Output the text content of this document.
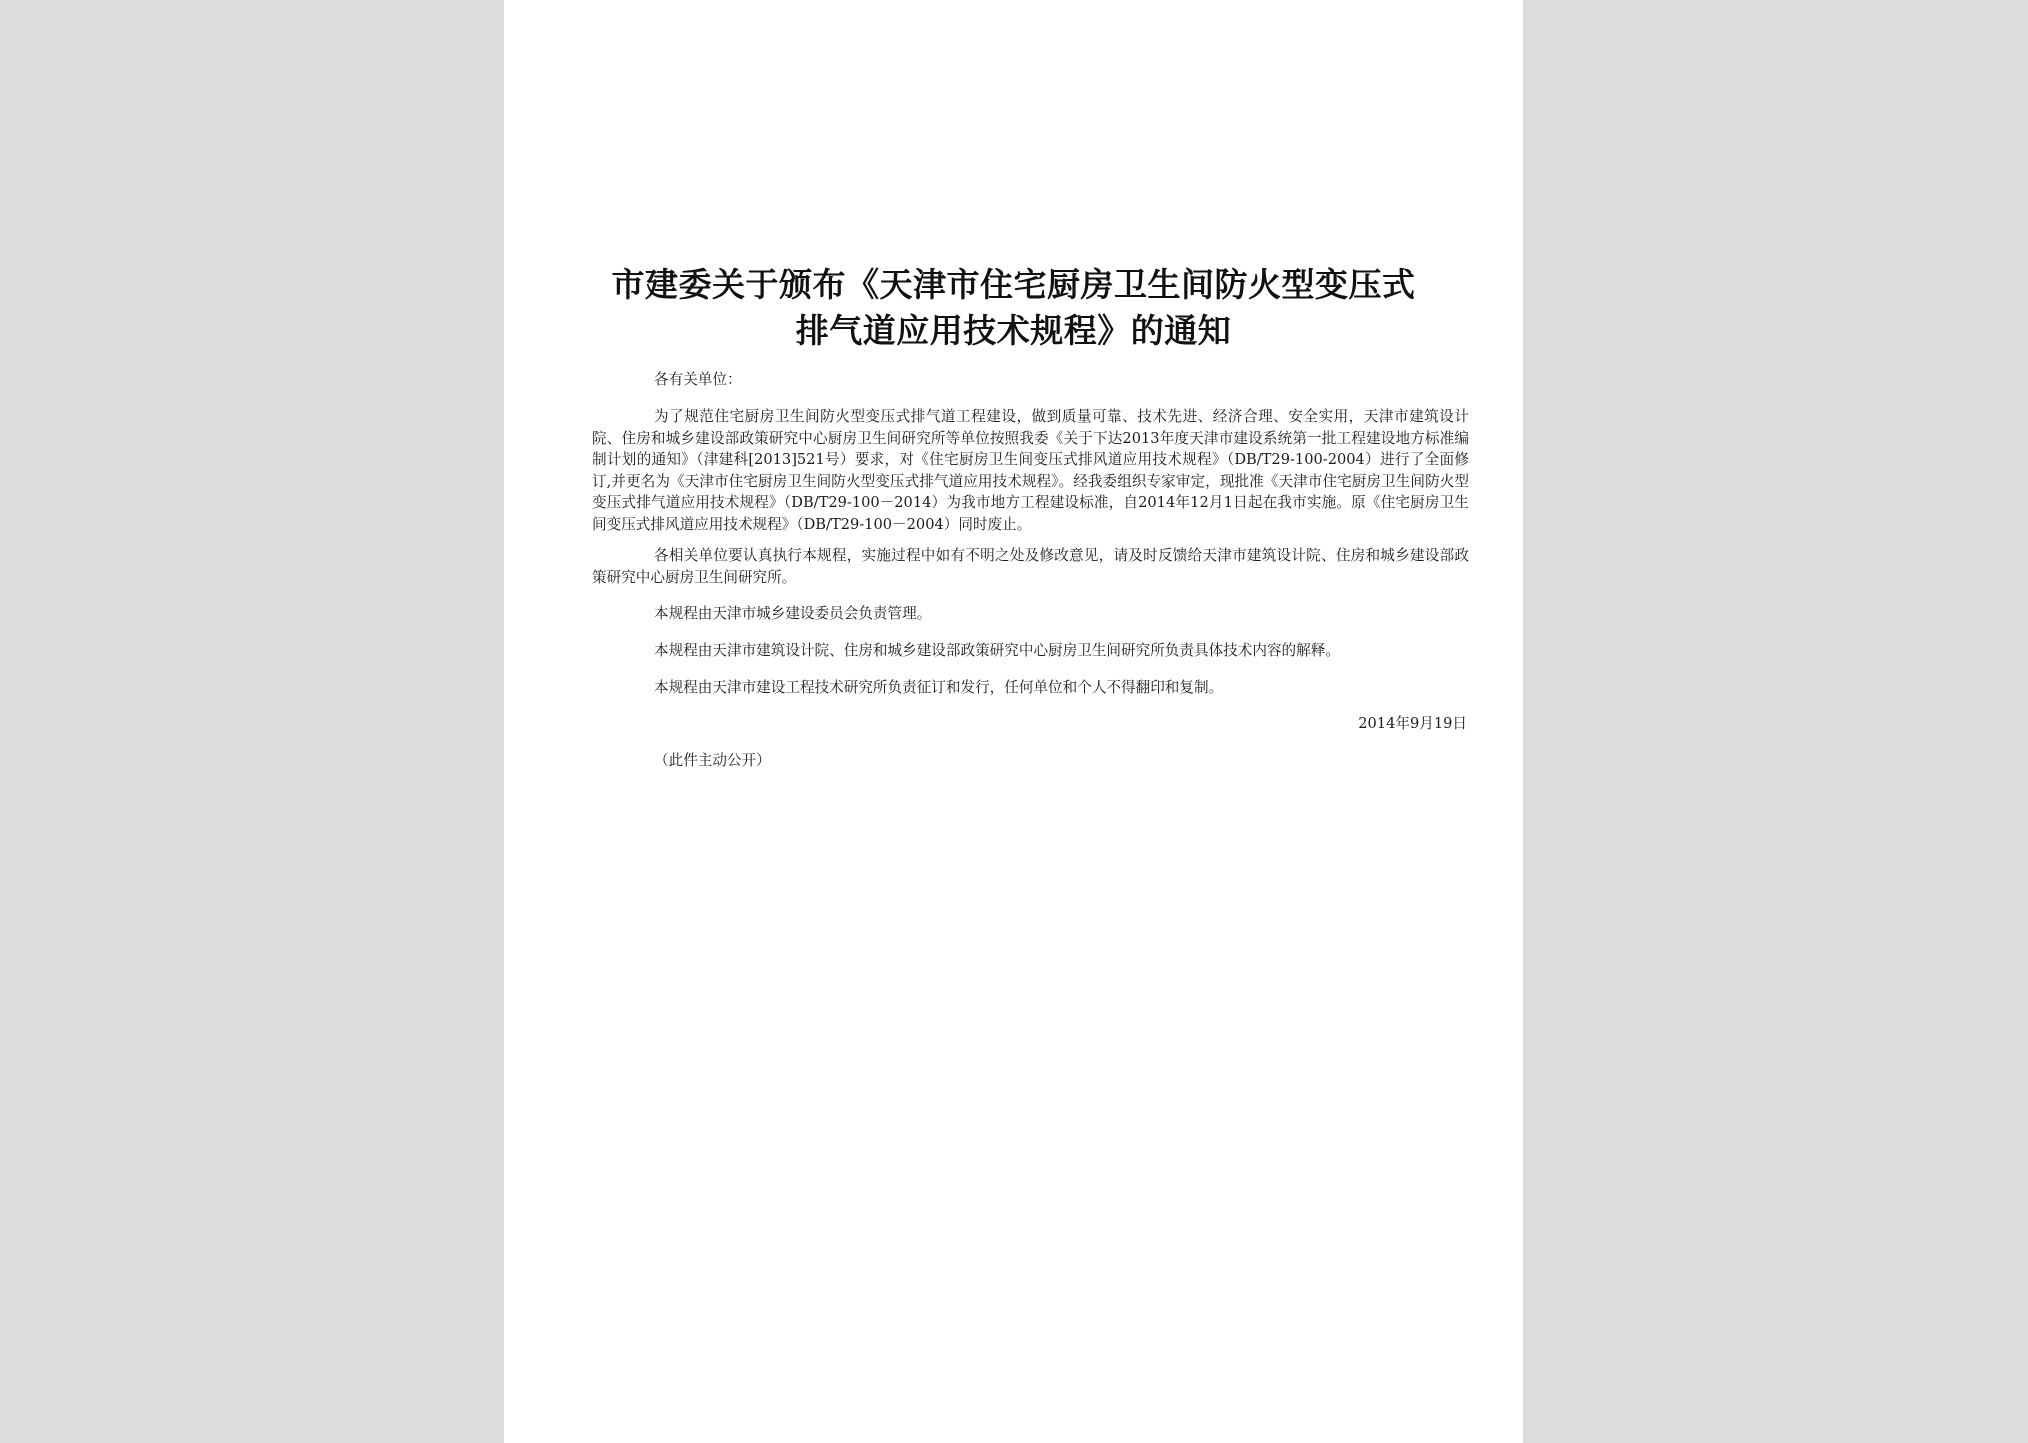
市建委关于颁布《天津市住宅厨房卫生间防火型变压式
排气道应用技术规程》的通知
各有关单位：

为了规范住宅厨房卫生间防火型变压式排气道工程建设，做到质量可靠、技术先进、经济合理、安全实用，天津市建筑设计院、住房和城乡建设部政策研究中心厨房卫生间研究所等单位按照我委《关于下达2013年度天津市建设系统第一批工程建设地方标准编制计划的通知》（津建科[2013]521号）要求，对《住宅厨房卫生间变压式排风道应用技术规程》（DB/T29-100-2004）进行了全面修订,并更名为《天津市住宅厨房卫生间防火型变压式排气道应用技术规程》。经我委组织专家审定，现批准《天津市住宅厨房卫生间防火型变压式排气道应用技术规程》（DB/T29-100－2014）为我市地方工程建设标准，自2014年12月1日起在我市实施。原《住宅厨房卫生间变压式排风道应用技术规程》（DB/T29-100－2004）同时废止。

各相关单位要认真执行本规程，实施过程中如有不明之处及修改意见，请及时反馈给天津市建筑设计院、住房和城乡建设部政策研究中心厨房卫生间研究所。

本规程由天津市城乡建设委员会负责管理。

本规程由天津市建筑设计院、住房和城乡建设部政策研究中心厨房卫生间研究所负责具体技术内容的解释。

本规程由天津市建设工程技术研究所负责征订和发行，任何单位和个人不得翻印和复制。

2014年9月19日
（此件主动公开）
